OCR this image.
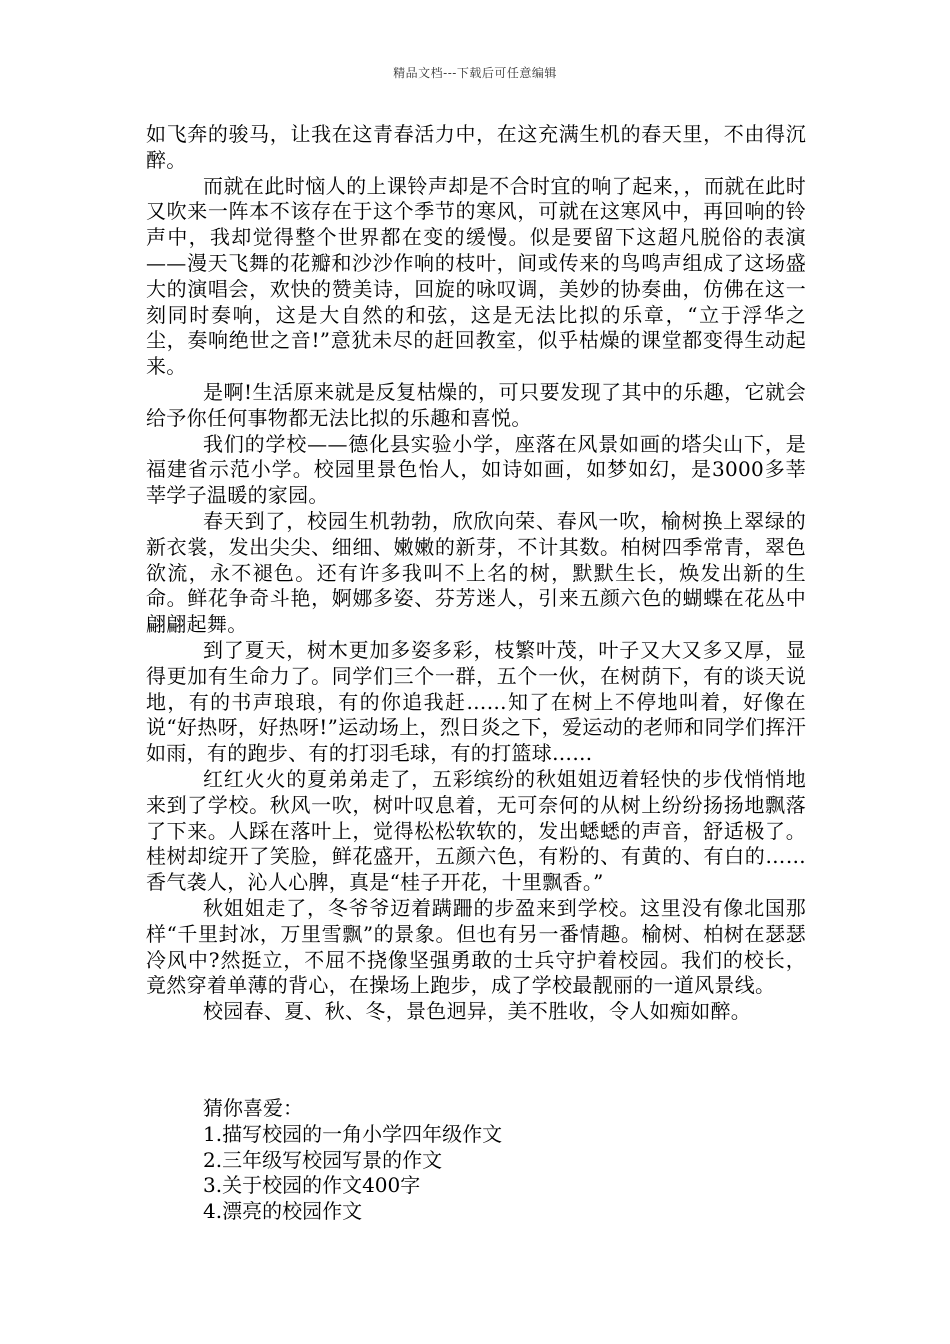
精品文档---下载后可任意编辑

如飞奔的骏马，让我在这青春活力中，在这充满生机的春天里，不由得沉醉。

而就在此时恼人的上课铃声却是不合时宜的响了起来，，而就在此时又吹来一阵本不该存在于这个季节的寒风，可就在这寒风中，再回响的铃声中，我却觉得整个世界都在变的缓慢。似是要留下这超凡脱俗的表演——漫天飞舞的花瓣和沙沙作响的枝叶，间或传来的鸟鸣声组成了这场盛大的演唱会，欢快的赞美诗，回旋的咏叹调，美妙的协奏曲，仿佛在这一刻同时奏响，这是大自然的和弦，这是无法比拟的乐章，“立于浮华之尘，奏响绝世之音!”意犹未尽的赶回教室，似乎枯燥的课堂都变得生动起来。

是啊!生活原来就是反复枯燥的，可只要发现了其中的乐趣，它就会给予你任何事物都无法比拟的乐趣和喜悦。

我们的学校——德化县实验小学，座落在风景如画的塔尖山下，是福建省示范小学。校园里景色怡人，如诗如画，如梦如幻，是3000多莘莘学子温暖的家园。

春天到了，校园生机勃勃，欣欣向荣、春风一吹，榆树换上翠绿的新衣裳，发出尖尖、细细、嫩嫩的新芽，不计其数。柏树四季常青，翠色欲流，永不褪色。还有许多我叫不上名的树，默默生长，焕发出新的生命。鲜花争奇斗艳，婀娜多姿、芬芳迷人，引来五颜六色的蝴蝶在花丛中翩翩起舞。

到了夏天，树木更加多姿多彩，枝繁叶茂，叶子又大又多又厚，显得更加有生命力了。同学们三个一群，五个一伙，在树荫下，有的谈天说地，有的书声琅琅，有的你追我赶……知了在树上不停地叫着，好像在说“好热呀，好热呀!”运动场上，烈日炎之下，爱运动的老师和同学们挥汗如雨，有的跑步、有的打羽毛球，有的打篮球……

红红火火的夏弟弟走了，五彩缤纷的秋姐姐迈着轻快的步伐悄悄地来到了学校。秋风一吹，树叶叹息着，无可奈何的从树上纷纷扬扬地飘落了下来。人踩在落叶上，觉得松松软软的，发出蟋蟋的声音，舒适极了。桂树却绽开了笑脸，鲜花盛开，五颜六色，有粉的、有黄的、有白的……香气袭人，沁人心脾，真是“桂子开花，十里飘香。”

秋姐姐走了，冬爷爷迈着蹒跚的步盈来到学校。这里没有像北国那样“千里封冰，万里雪飘”的景象。但也有另一番情趣。榆树、柏树在瑟瑟冷风中?然挺立，不屈不挠像坚强勇敢的士兵守护着校园。我们的校长，竟然穿着单薄的背心，在操场上跑步，成了学校最靓丽的一道风景线。

校园春、夏、秋、冬，景色迥异，美不胜收，令人如痴如醉。

猜你喜爱：
1.描写校园的一角小学四年级作文
2.三年级写校园写景的作文
3.关于校园的作文400字
4.漂亮的校园作文
